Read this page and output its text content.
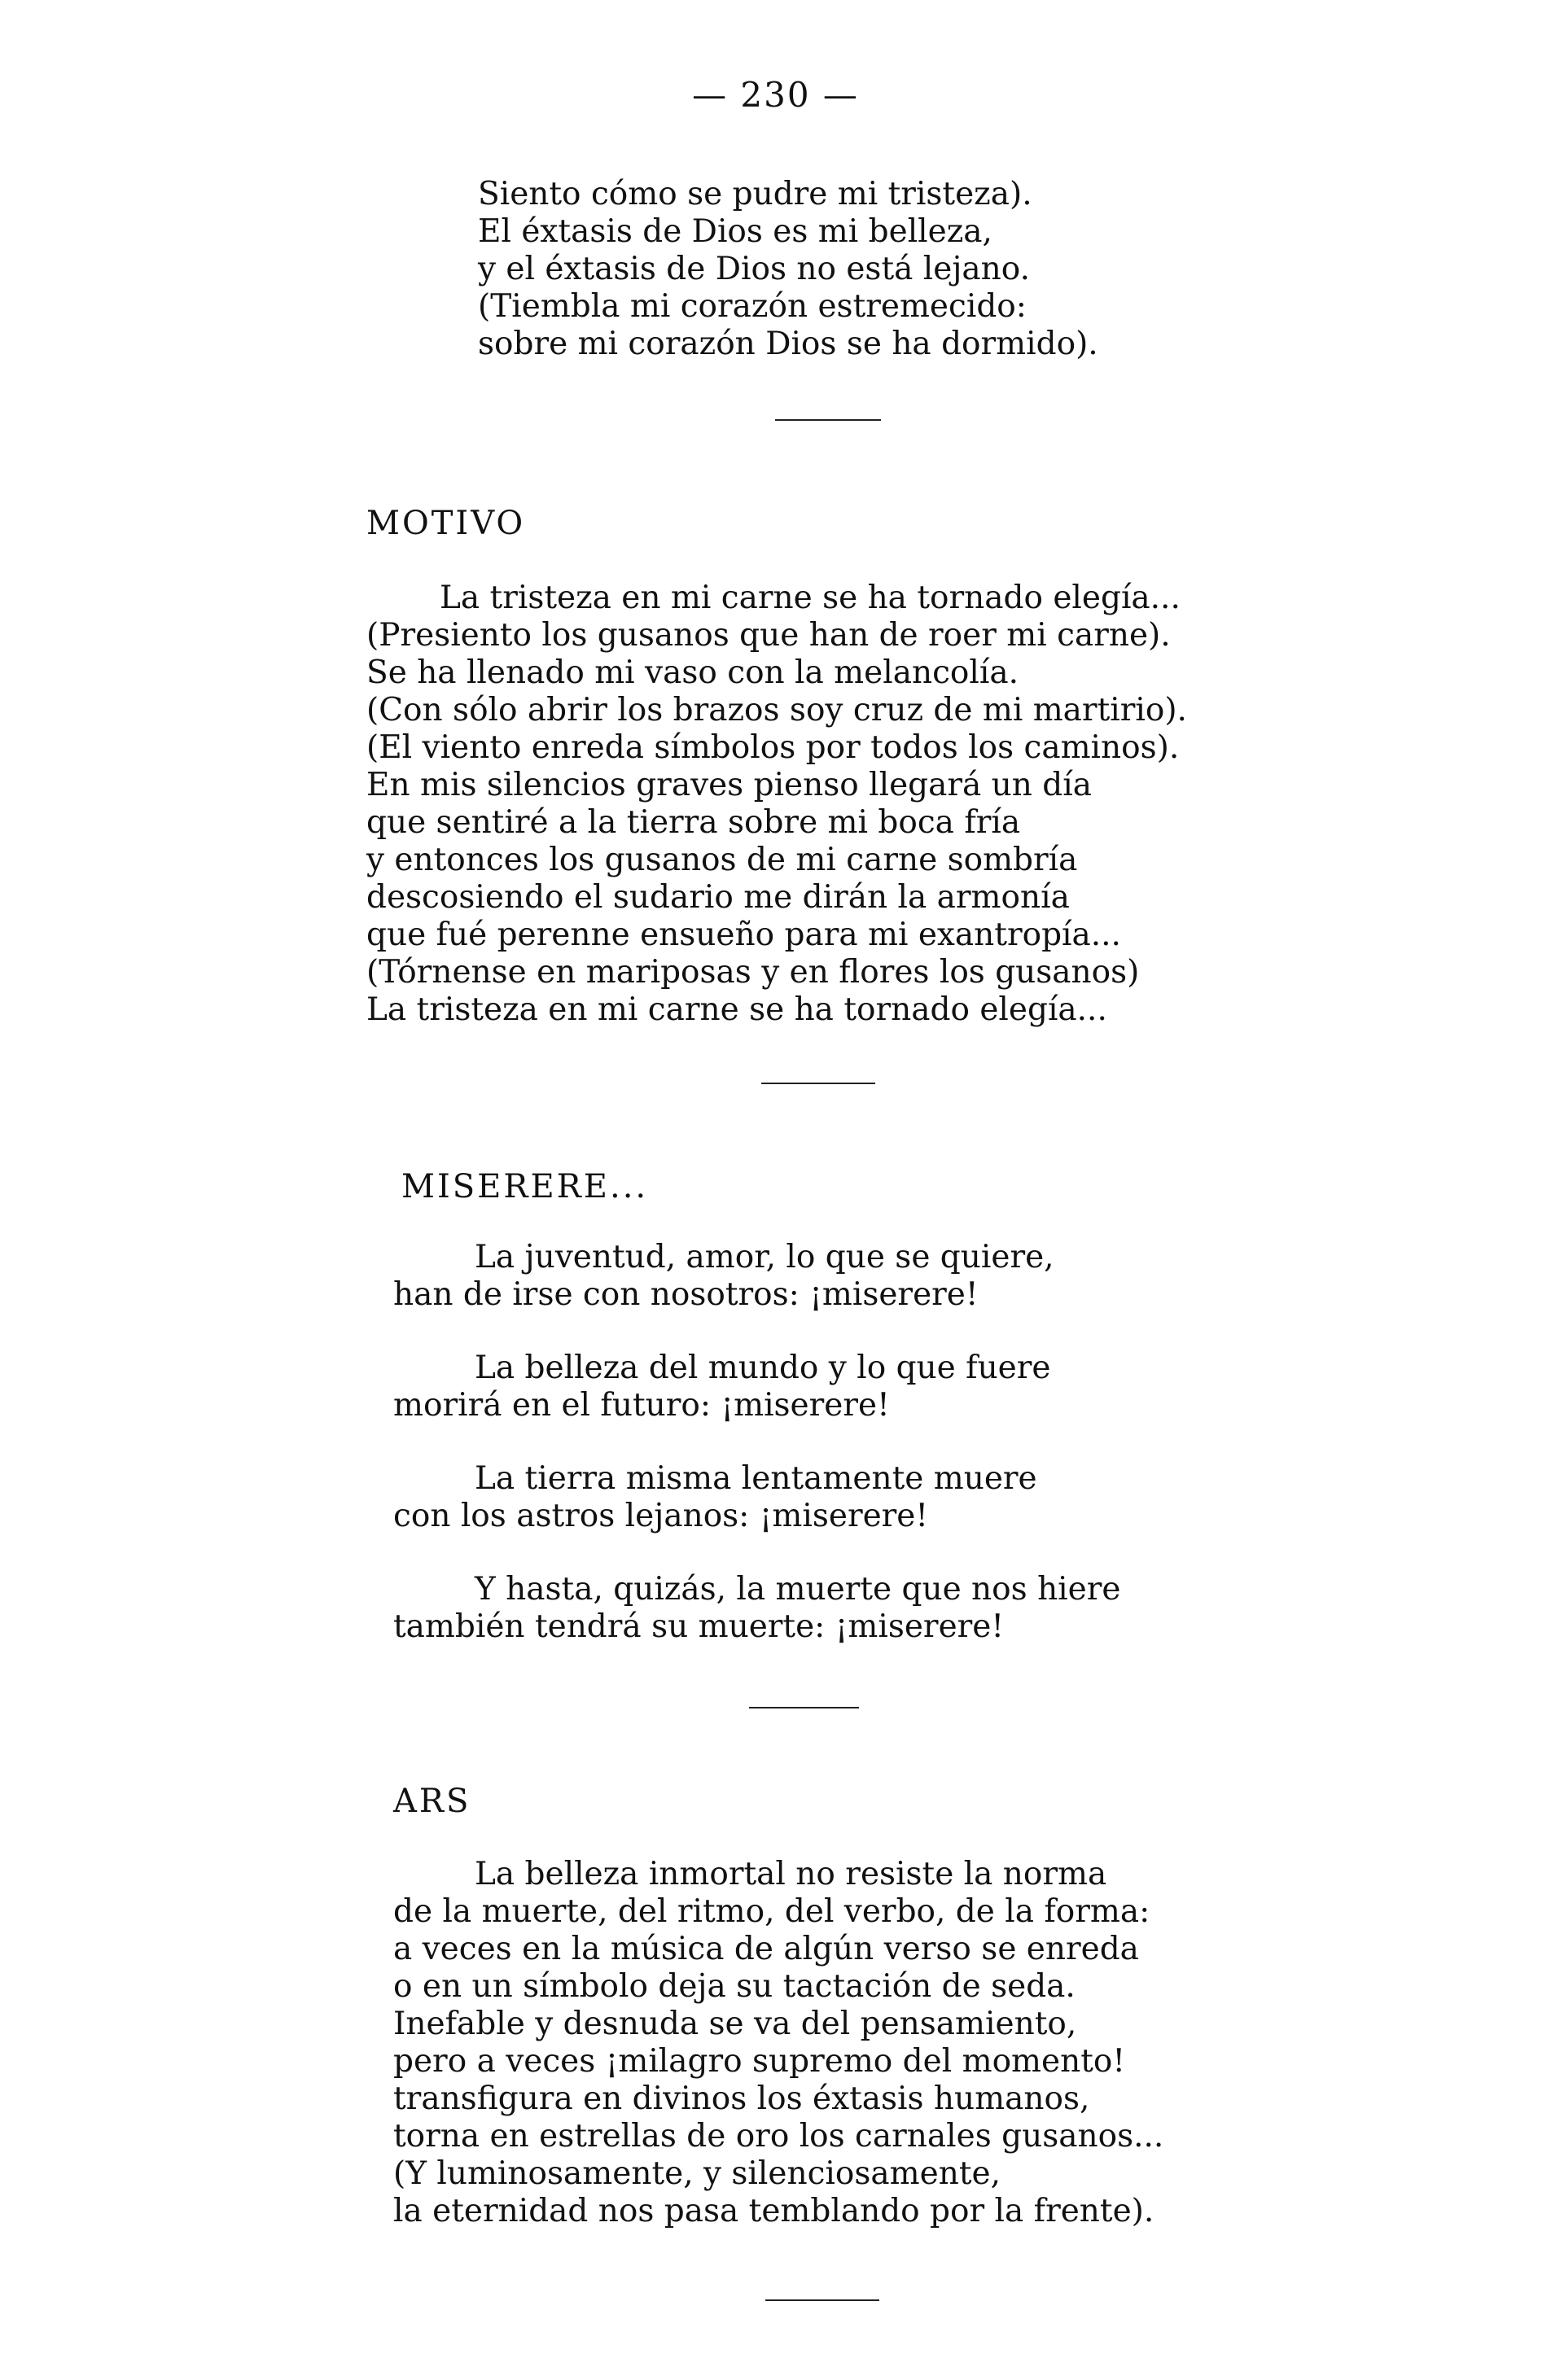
— 230 —
Siento cómo se pudre mi tristeza).
El éxtasis de Dios es mi belleza,
y el éxtasis de Dios no está lejano.
(Tiembla mi corazón estremecido:
sobre mi corazón Dios se ha dormido).
MOTIVO
La tristeza en mi carne se ha tornado elegía...
(Presiento los gusanos que han de roer mi carne).
Se ha llenado mi vaso con la melancolía.
(Con sólo abrir los brazos soy cruz de mi martirio).
(El viento enreda símbolos por todos los caminos).
En mis silencios graves pienso llegará un día
que sentiré a la tierra sobre mi boca fría
y entonces los gusanos de mi carne sombría
descosiendo el sudario me dirán la armonía
que fué perenne ensueño para mi exantropía...
(Tórnense en mariposas y en flores los gusanos)
La tristeza en mi carne se ha tornado elegía...
MISERERE...
La juventud, amor, lo que se quiere,
han de irse con nosotros: ¡miserere!
La belleza del mundo y lo que fuere
morirá en el futuro: ¡miserere!
La tierra misma lentamente muere
con los astros lejanos: ¡miserere!
Y hasta, quizás, la muerte que nos hiere
también tendrá su muerte: ¡miserere!
ARS
La belleza inmortal no resiste la norma
de la muerte, del ritmo, del verbo, de la forma:
a veces en la música de algún verso se enreda
o en un símbolo deja su tactación de seda.
Inefable y desnuda se va del pensamiento,
pero a veces ¡milagro supremo del momento!
transfigura en divinos los éxtasis humanos,
torna en estrellas de oro los carnales gusanos...
(Y luminosamente, y silenciosamente,
la eternidad nos pasa temblando por la frente).
